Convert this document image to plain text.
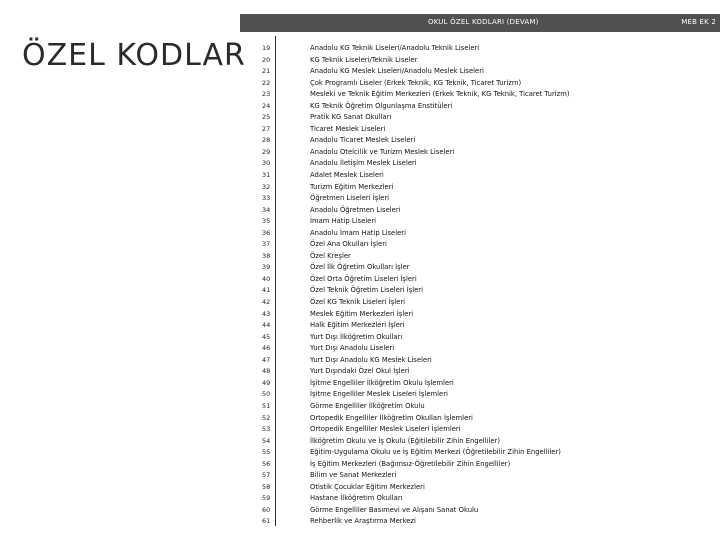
OKUL ÖZEL KODLARI (DEVAM)	MEB EK 2
ÖZEL KODLAR 19	Anadolu KG Teknik Liseleri/Anadolu Teknik Liseleri
20	KG Teknik Liseleri/Teknik Liseler
21	Anadolu KG Meslek Liseleri/Anadolu Meslek Liseleri
22	Çok Programlı Liseler (Erkek Teknik, KG Teknik, Ticaret Turizm)
23	Mesleki ve Teknik Eğitim Merkezleri (Erkek Teknik, KG Teknik, Ticaret Turizm)
24	KG Teknik Öğretim Olgunlaşma Enstitüleri
25	Pratik KG Sanat Okulları
27	Ticaret Meslek Liseleri
28	Anadolu Ticaret Meslek Liseleri
29	Anadolu Otelcilik ve Turizm Meslek Liseleri
30	Anadolu İletişim Meslek Liseleri
31	Adalet Meslek Liseleri
32	Turizm Eğitim Merkezleri
33	Öğretmen Liseleri İşleri
34	Anadolu Öğretmen Liseleri
35	İmam Hatip Liseleri
36	Anadolu İmam Hatip Liseleri
37	Özel Ana Okulları İşleri
38	Özel Kreşler
39	Özel İlk Öğretim Okulları İşler
40	Özel Orta Öğretim Liseleri İşleri
41	Özel Teknik Öğretim Liseleri İşleri
42	Özel KG Teknik Liseleri İşleri
43	Meslek Eğitim Merkezleri İşleri
44	Halk Eğitim Merkezleri İşleri
45	Yurt Dışı İlköğretim Okulları
46	Yurt Dışı Anadolu Liseleri
47	Yurt Dışı Anadolu KG Meslek Liseleri
48	Yurt Dışındaki Özel Okul İşleri
49	İşitme Engelliler İlköğretim Okulu İşlemleri
50	İşitme Engelliler Meslek Liseleri İşlemleri
51	Görme Engelliler İlköğretim Okulu
52	Ortopedik Engelliler İlköğretim Okulları İşlemleri
53	Ortopedik Engelliler Meslek Liseleri İşlemleri
54	İlköğretim Okulu ve İş Okulu (Eğitilebilir Zihin Engelliler)
55	Eğitim-Uygulama Okulu ve İş Eğitim Merkezi (Öğretilebilir Zihin Engelliler)
56	İş Eğitim Merkezleri (Bağımsız-Öğretilebilir Zihin Engelliler)
57	Bilim ve Sanat Merkezleri
58	Otistik Çocuklar Eğitim Merkezleri
59	Hastane İlköğretim Okulları
60	Görme Engelliler Basımevi ve Alışanı Sanat Okulu
61	Rehberlik ve Araştırma Merkezi
